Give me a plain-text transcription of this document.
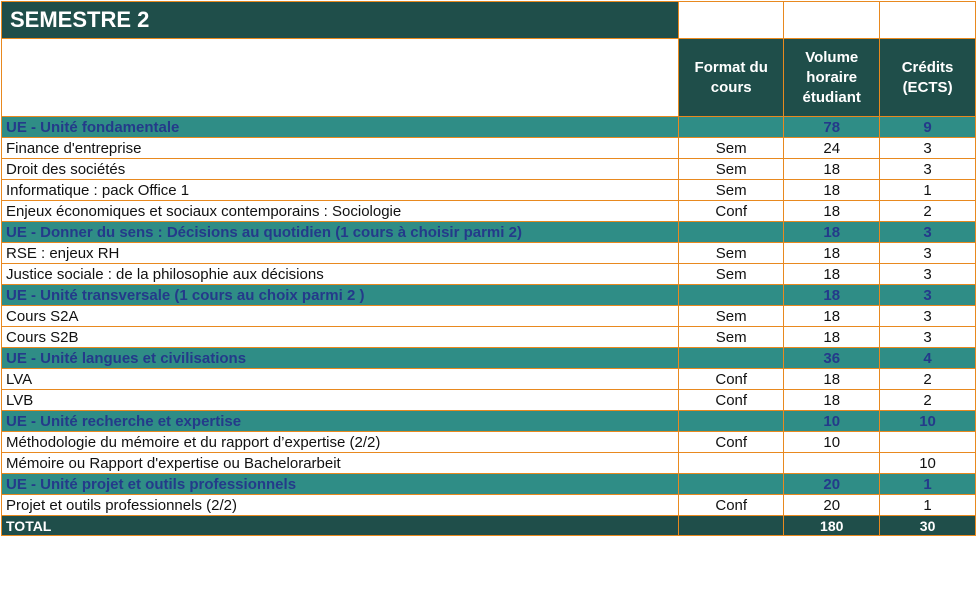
SEMESTRE 2			
	Format du cours	Volume horaire étudiant	Crédits (ECTS)
UE - Unité fondamentale		78	9
Finance d'entreprise	Sem	24	3
Droit des sociétés	Sem	18	3
Informatique : pack Office 1	Sem	18	1
Enjeux économiques et sociaux contemporains : Sociologie	Conf	18	2
UE - Donner du sens : Décisions au quotidien (1 cours à choisir parmi 2)		18	3
RSE : enjeux RH	Sem	18	3
Justice sociale : de la philosophie aux décisions	Sem	18	3
UE - Unité transversale (1 cours au choix parmi 2 )		18	3
Cours S2A	Sem	18	3
Cours S2B	Sem	18	3
UE - Unité langues et civilisations		36	4
LVA	Conf	18	2
LVB	Conf	18	2
UE - Unité recherche et expertise		10	10
Méthodologie du mémoire et du rapport d’expertise (2/2)	Conf	10	
Mémoire ou Rapport d'expertise ou Bachelorarbeit			10
UE - Unité projet et outils professionnels		20	1
Projet et outils professionnels (2/2)	Conf	20	1
TOTAL		180	30
